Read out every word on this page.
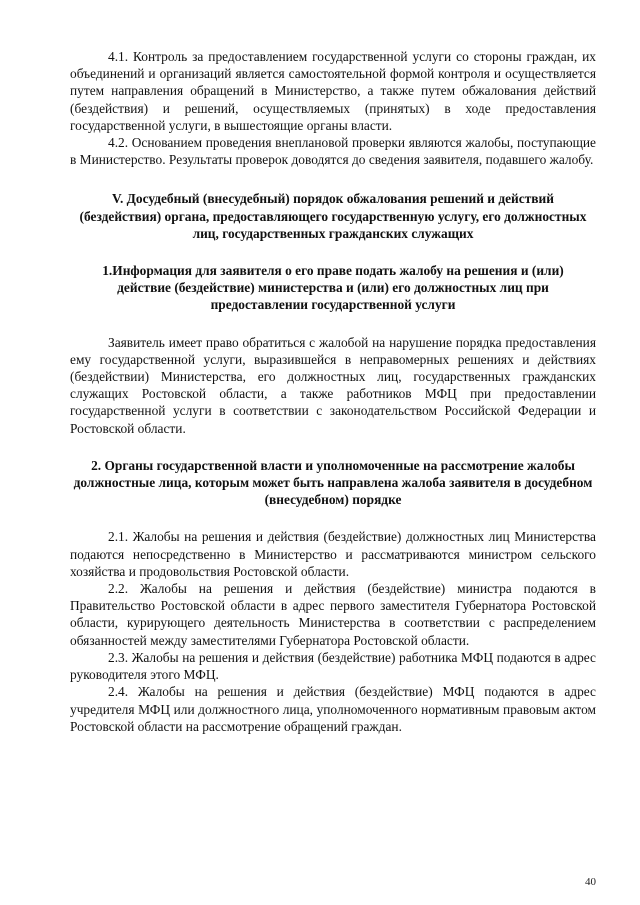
4.1. Контроль за предоставлением государственной услуги со стороны граждан, их объединений и организаций является самостоятельной формой контроля и осуществляется путем направления обращений в Министерство, а также путем обжалования действий (бездействия) и решений, осуществляемых (принятых) в ходе предоставления государственной услуги, в вышестоящие органы власти.

4.2. Основанием проведения внеплановой проверки являются жалобы, поступающие в Министерство. Результаты проверок доводятся до сведения заявителя, подавшего жалобу.

V. Досудебный (внесудебный) порядок обжалования решений и действий (бездействия) органа, предоставляющего государственную услугу, его должностных лиц, государственных гражданских служащих
1.Информация для заявителя о его праве подать жалобу на решения и (или) действие (бездействие) министерства и (или) его должностных лиц при предоставлении государственной услуги

Заявитель имеет право обратиться с жалобой на нарушение порядка предоставления ему государственной услуги, выразившейся в неправомерных решениях и действиях (бездействии) Министерства, его должностных лиц, государственных гражданских служащих Ростовской области, а также работников МФЦ при предоставлении государственной услуги в соответствии с законодательством Российской Федерации и Ростовской области.

2. Органы государственной власти и уполномоченные на рассмотрение жалобы должностные лица, которым может быть направлена жалоба заявителя в досудебном (внесудебном) порядке

2.1. Жалобы на решения и действия (бездействие) должностных лиц Министерства подаются непосредственно в Министерство и рассматриваются министром сельского хозяйства и продовольствия Ростовской области.

2.2. Жалобы на решения и действия (бездействие) министра подаются в Правительство Ростовской области в адрес первого заместителя Губернатора Ростовской области, курирующего деятельность Министерства в соответствии с распределением обязанностей между заместителями Губернатора Ростовской области.

2.3. Жалобы на решения и действия (бездействие) работника МФЦ подаются в адрес руководителя этого МФЦ.

2.4. Жалобы на решения и действия (бездействие) МФЦ подаются в адрес учредителя МФЦ или должностного лица, уполномоченного нормативным правовым актом Ростовской области на рассмотрение обращений граждан.

40
